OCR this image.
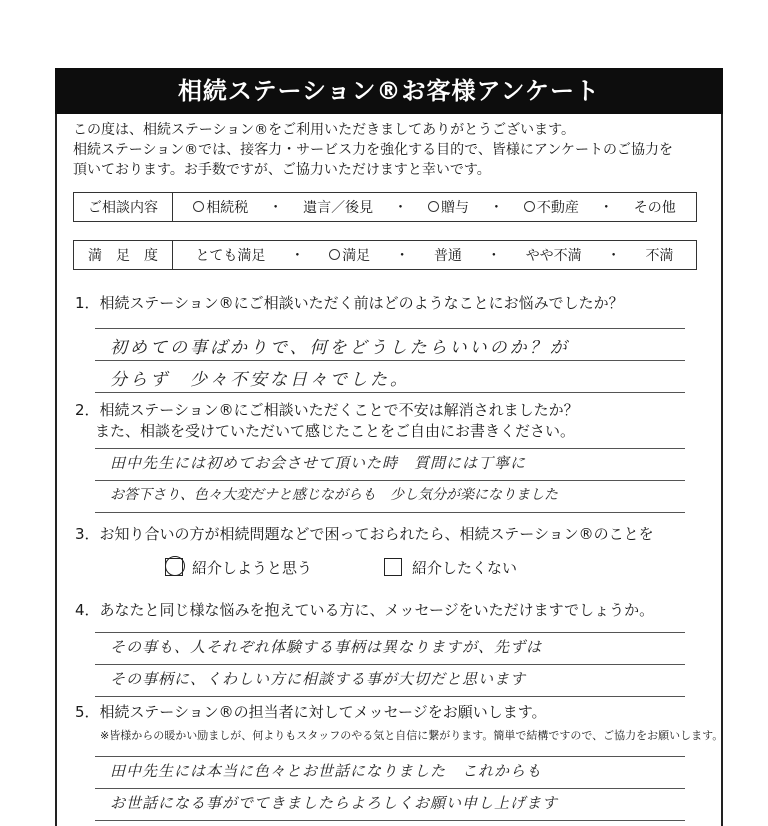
相続ステーション®お客様アンケート
この度は、相続ステーション®をご利用いただきましてありがとうございます。
相続ステーション®では、接客力・サービス力を強化する目的で、皆様にアンケートのご協力を
頂いております。お手数ですが、ご協力いただけますと幸いです。
ご相談内容	相続税 ・ 遺言／後見 ・	贈与 ・	不動産 ・ その他
満　足　度	とても満足 ・	満足 ・ 普通 ・ やや不満 ・ 不満
1．相続ステーション®にご相談いただく前はどのようなことにお悩みでしたか？
初めての事ばかりで、何をどうしたらいいのか？が
分らず　少々不安な日々でした。
2．相続ステーション®にご相談いただくことで不安は解消されましたか？
また、相談を受けていただいて感じたことをご自由にお書きください。
田中先生には初めてお会させて頂いた時　質問には丁寧に
お答下さり、色々大変だナと感じながらも　少し気分が楽になりました
3．お知り合いの方が相続問題などで困っておられたら、相続ステーション®のことを
紹介しようと思う	紹介したくない
4．あなたと同じ様な悩みを抱えている方に、メッセージをいただけますでしょうか。
その事も、人それぞれ体験する事柄は異なりますが、先ずは
その事柄に、くわしい方に相談する事が大切だと思います
5．相続ステーション®の担当者に対してメッセージをお願いします。
※皆様からの暖かい励ましが、何よりもスタッフのやる気と自信に繋がります。簡単で結構ですので、ご協力をお願いします。
田中先生には本当に色々とお世話になりました　これからも
お世話になる事がでてきましたらよろしくお願い申し上げます
